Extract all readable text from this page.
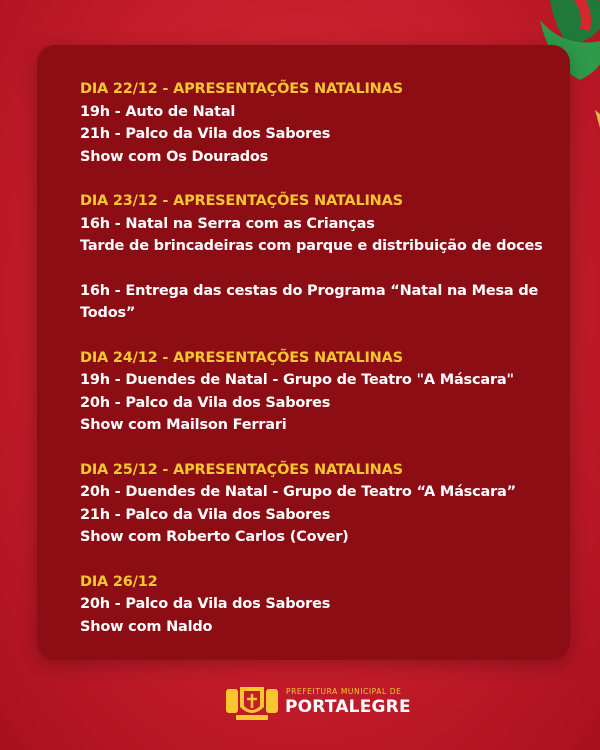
DIA 22/12 - APRESENTAÇÕES NATALINAS
19h - Auto de Natal
21h - Palco da Vila dos Sabores
Show com Os Dourados
DIA 23/12 - APRESENTAÇÕES NATALINAS
16h - Natal na Serra com as Crianças
Tarde de brincadeiras com parque e distribuição de doces
16h - Entrega das cestas do Programa “Natal na Mesa de Todos”
DIA 24/12 - APRESENTAÇÕES NATALINAS
19h - Duendes de Natal - Grupo de Teatro "A Máscara"
20h - Palco da Vila dos Sabores
Show com Mailson Ferrari
DIA 25/12 - APRESENTAÇÕES NATALINAS
20h - Duendes de Natal - Grupo de Teatro “A Máscara”
21h - Palco da Vila dos Sabores
Show com Roberto Carlos (Cover)
DIA 26/12
20h - Palco da Vila dos Sabores
Show com Naldo
PREFEITURA MUNICIPAL DE
PORTALEGRE
